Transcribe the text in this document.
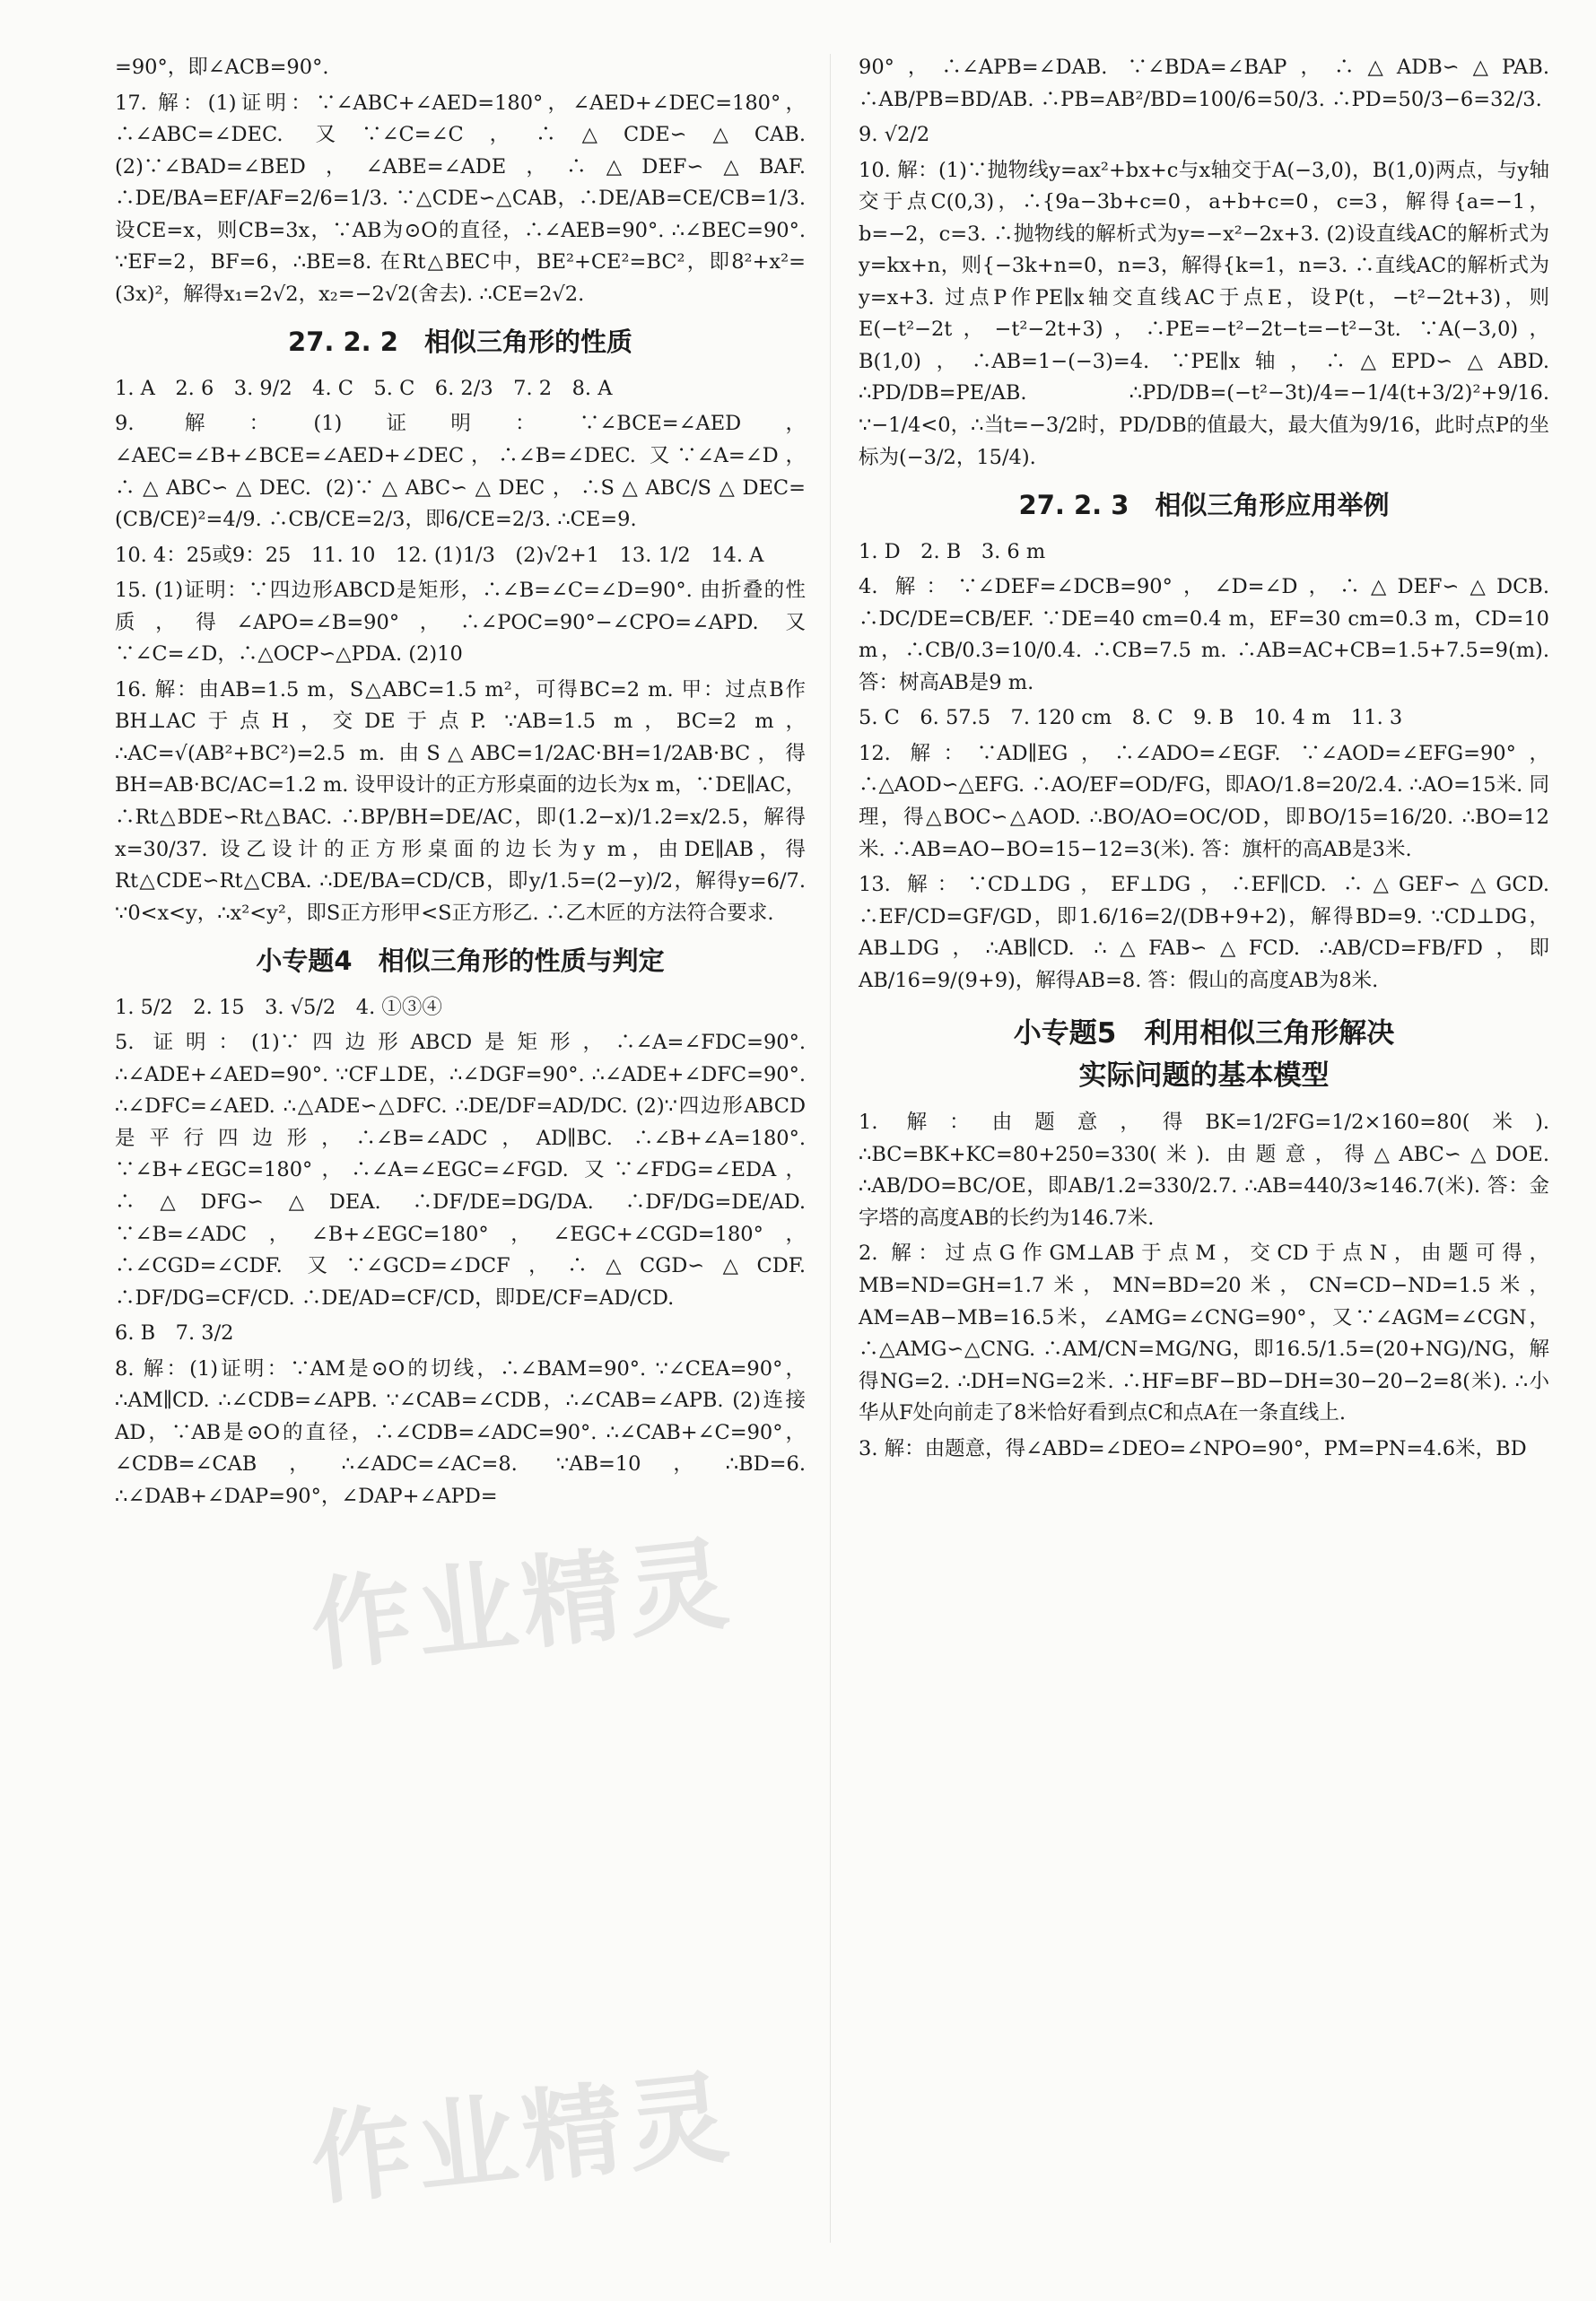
=90°，即∠ACB=90°.
17. 解：(1)证明：∵∠ABC+∠AED=180°，∠AED+∠DEC=180°，∴∠ABC=∠DEC. 又∵∠C=∠C，∴△CDE∽△CAB. (2)∵∠BAD=∠BED，∠ABE=∠ADE，∴△DEF∽△BAF. ∴DE/BA=EF/AF=2/6=1/3. ∵△CDE∽△CAB，∴DE/AB=CE/CB=1/3. 设CE=x，则CB=3x，∵AB为⊙O的直径，∴∠AEB=90°. ∴∠BEC=90°. ∵EF=2，BF=6，∴BE=8. 在Rt△BEC中，BE²+CE²=BC²，即8²+x²=(3x)²，解得x₁=2√2，x₂=−2√2(舍去). ∴CE=2√2.
27. 2. 2　相似三角形的性质
1. A　2. 6　3. 9/2　4. C　5. C　6. 2/3　7. 2　8. A
9. 解：(1)证明：∵∠BCE=∠AED，∠AEC=∠B+∠BCE=∠AED+∠DEC，∴∠B=∠DEC. 又∵∠A=∠D，∴△ABC∽△DEC. (2)∵△ABC∽△DEC，∴S△ABC/S△DEC=(CB/CE)²=4/9. ∴CB/CE=2/3，即6/CE=2/3. ∴CE=9.
10. 4：25或9：25　11. 10　12. (1)1/3　(2)√2+1　13. 1/2　14. A
15. (1)证明：∵四边形ABCD是矩形，∴∠B=∠C=∠D=90°. 由折叠的性质，得∠APO=∠B=90°，∴∠POC=90°−∠CPO=∠APD. 又∵∠C=∠D，∴△OCP∽△PDA. (2)10
16. 解：由AB=1.5 m，S△ABC=1.5 m²，可得BC=2 m. 甲：过点B作BH⊥AC于点H，交DE于点P. ∵AB=1.5 m，BC=2 m，∴AC=√(AB²+BC²)=2.5 m. 由S△ABC=1/2AC·BH=1/2AB·BC，得BH=AB·BC/AC=1.2 m. 设甲设计的正方形桌面的边长为x m，∵DE∥AC，∴Rt△BDE∽Rt△BAC. ∴BP/BH=DE/AC，即(1.2−x)/1.2=x/2.5，解得x=30/37. 设乙设计的正方形桌面的边长为y m，由DE∥AB，得Rt△CDE∽Rt△CBA. ∴DE/BA=CD/CB，即y/1.5=(2−y)/2，解得y=6/7. ∵0<x<y，∴x²<y²，即S正方形甲<S正方形乙. ∴乙木匠的方法符合要求.
小专题4　相似三角形的性质与判定
1. 5/2　2. 15　3. √5/2　4. ①③④
5. 证明：(1)∵四边形ABCD是矩形，∴∠A=∠FDC=90°. ∴∠ADE+∠AED=90°. ∵CF⊥DE，∴∠DGF=90°. ∴∠ADE+∠DFC=90°. ∴∠DFC=∠AED. ∴△ADE∽△DFC. ∴DE/DF=AD/DC. (2)∵四边形ABCD是平行四边形，∴∠B=∠ADC，AD∥BC. ∴∠B+∠A=180°. ∵∠B+∠EGC=180°，∴∠A=∠EGC=∠FGD. 又∵∠FDG=∠EDA，∴△DFG∽△DEA. ∴DF/DE=DG/DA. ∴DF/DG=DE/AD. ∵∠B=∠ADC，∠B+∠EGC=180°，∠EGC+∠CGD=180°，∴∠CGD=∠CDF. 又∵∠GCD=∠DCF，∴△CGD∽△CDF. ∴DF/DG=CF/CD. ∴DE/AD=CF/CD，即DE/CF=AD/CD.
6. B　7. 3/2
8. 解：(1)证明：∵AM是⊙O的切线，∴∠BAM=90°. ∵∠CEA=90°，∴AM∥CD. ∴∠CDB=∠APB. ∵∠CAB=∠CDB，∴∠CAB=∠APB. (2)连接AD，∵AB是⊙O的直径，∴∠CDB=∠ADC=90°. ∴∠CAB+∠C=90°，∠CDB=∠CAB，∴∠ADC=∠AC=8. ∵AB=10，∴BD=6. ∴∠DAB+∠DAP=90°，∠DAP+∠APD=
90°，∴∠APB=∠DAB. ∵∠BDA=∠BAP，∴△ADB∽△PAB. ∴AB/PB=BD/AB. ∴PB=AB²/BD=100/6=50/3. ∴PD=50/3−6=32/3.
9. √2/2
10. 解：(1)∵抛物线y=ax²+bx+c与x轴交于A(−3,0)，B(1,0)两点，与y轴交于点C(0,3)，∴{9a−3b+c=0，a+b+c=0，c=3，解得{a=−1，b=−2，c=3. ∴抛物线的解析式为y=−x²−2x+3. (2)设直线AC的解析式为y=kx+n，则{−3k+n=0，n=3，解得{k=1，n=3. ∴直线AC的解析式为y=x+3. 过点P作PE∥x轴交直线AC于点E，设P(t，−t²−2t+3)，则E(−t²−2t，−t²−2t+3)，∴PE=−t²−2t−t=−t²−3t. ∵A(−3,0)，B(1,0)，∴AB=1−(−3)=4. ∵PE∥x轴，∴△EPD∽△ABD. ∴PD/DB=PE/AB. ∴PD/DB=(−t²−3t)/4=−1/4(t+3/2)²+9/16. ∵−1/4<0，∴当t=−3/2时，PD/DB的值最大，最大值为9/16，此时点P的坐标为(−3/2，15/4).
27. 2. 3　相似三角形应用举例
1. D　2. B　3. 6 m
4. 解：∵∠DEF=∠DCB=90°，∠D=∠D，∴△DEF∽△DCB. ∴DC/DE=CB/EF. ∵DE=40 cm=0.4 m，EF=30 cm=0.3 m，CD=10 m，∴CB/0.3=10/0.4. ∴CB=7.5 m. ∴AB=AC+CB=1.5+7.5=9(m). 答：树高AB是9 m.
5. C　6. 57.5　7. 120 cm　8. C　9. B　10. 4 m　11. 3
12. 解：∵AD∥EG，∴∠ADO=∠EGF. ∵∠AOD=∠EFG=90°，∴△AOD∽△EFG. ∴AO/EF=OD/FG，即AO/1.8=20/2.4. ∴AO=15米. 同理，得△BOC∽△AOD. ∴BO/AO=OC/OD，即BO/15=16/20. ∴BO=12米. ∴AB=AO−BO=15−12=3(米). 答：旗杆的高AB是3米.
13. 解：∵CD⊥DG，EF⊥DG，∴EF∥CD. ∴△GEF∽△GCD. ∴EF/CD=GF/GD，即1.6/16=2/(DB+9+2)，解得BD=9. ∵CD⊥DG，AB⊥DG，∴AB∥CD. ∴△FAB∽△FCD. ∴AB/CD=FB/FD，即AB/16=9/(9+9)，解得AB=8. 答：假山的高度AB为8米.
小专题5　利用相似三角形解决
实际问题的基本模型
1. 解：由题意，得BK=1/2FG=1/2×160=80(米). ∴BC=BK+KC=80+250=330(米). 由题意，得△ABC∽△DOE. ∴AB/DO=BC/OE，即AB/1.2=330/2.7. ∴AB=440/3≈146.7(米). 答：金字塔的高度AB的长约为146.7米.
2. 解：过点G作GM⊥AB于点M，交CD于点N，由题可得，MB=ND=GH=1.7米，MN=BD=20米，CN=CD−ND=1.5米，AM=AB−MB=16.5米，∠AMG=∠CNG=90°，又∵∠AGM=∠CGN，∴△AMG∽△CNG. ∴AM/CN=MG/NG，即16.5/1.5=(20+NG)/NG，解得NG=2. ∴DH=NG=2米. ∴HF=BF−BD−DH=30−20−2=8(米). ∴小华从F处向前走了8米恰好看到点C和点A在一条直线上.
3. 解：由题意，得∠ABD=∠DEO=∠NPO=90°，PM=PN=4.6米，BD
作业精灵
作业精灵
